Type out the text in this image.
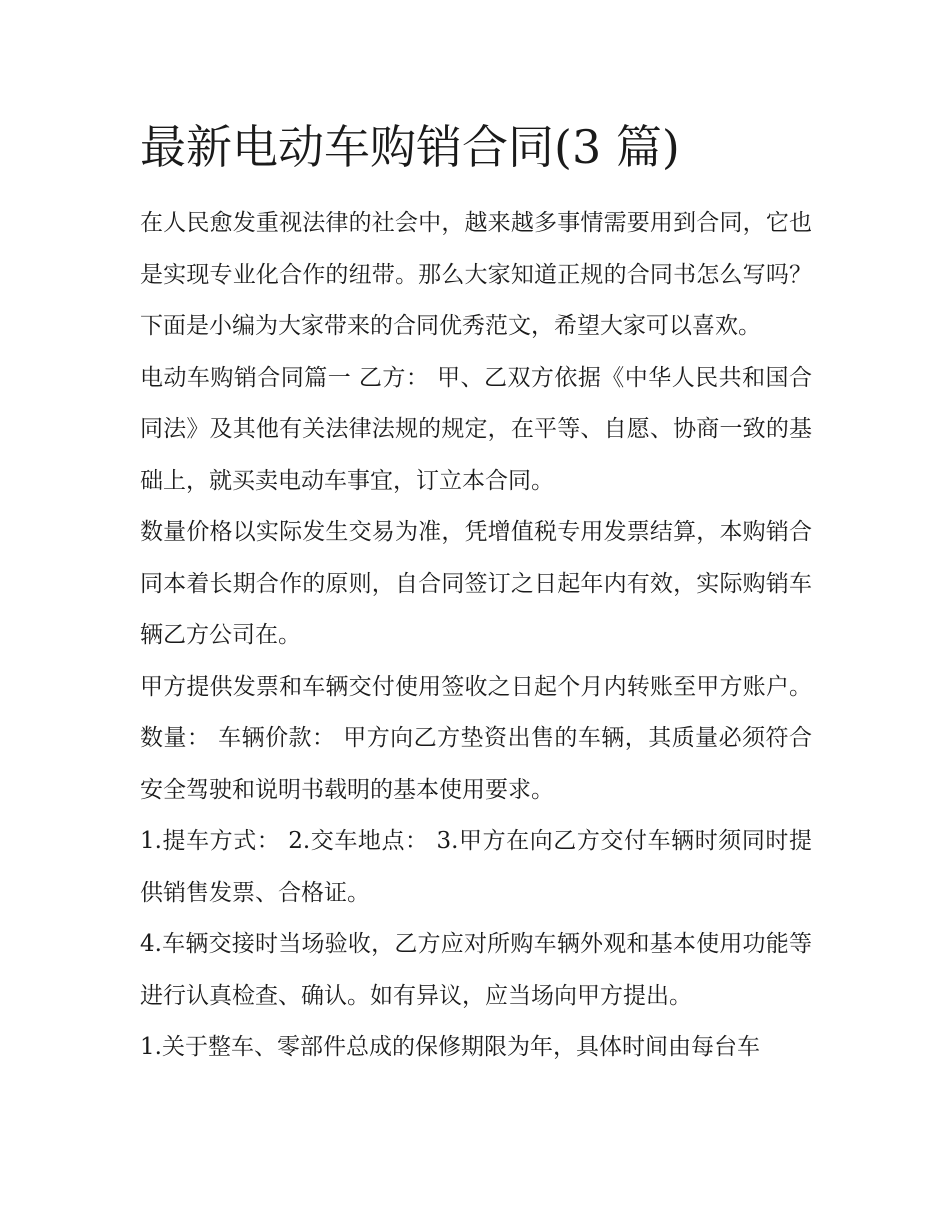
最新电动车购销合同(3 篇)

在人民愈发重视法律的社会中，越来越多事情需要用到合同，它也是实现专业化合作的纽带。那么大家知道正规的合同书怎么写吗？下面是小编为大家带来的合同优秀范文，希望大家可以喜欢。

电动车购销合同篇一 乙方： 甲、乙双方依据《中华人民共和国合同法》及其他有关法律法规的规定，在平等、自愿、协商一致的基础上，就买卖电动车事宜，订立本合同。

数量价格以实际发生交易为准，凭增值税专用发票结算，本购销合同本着长期合作的原则，自合同签订之日起年内有效，实际购销车辆乙方公司在。

甲方提供发票和车辆交付使用签收之日起个月内转账至甲方账户。 数量： 车辆价款： 甲方向乙方垫资出售的车辆，其质量必须符合安全驾驶和说明书载明的基本使用要求。

1.提车方式： 2.交车地点： 3.甲方在向乙方交付车辆时须同时提供销售发票、合格证。

4.车辆交接时当场验收，乙方应对所购车辆外观和基本使用功能等进行认真检查、确认。如有异议，应当场向甲方提出。

1.关于整车、零部件总成的保修期限为年，具体时间由每台车
